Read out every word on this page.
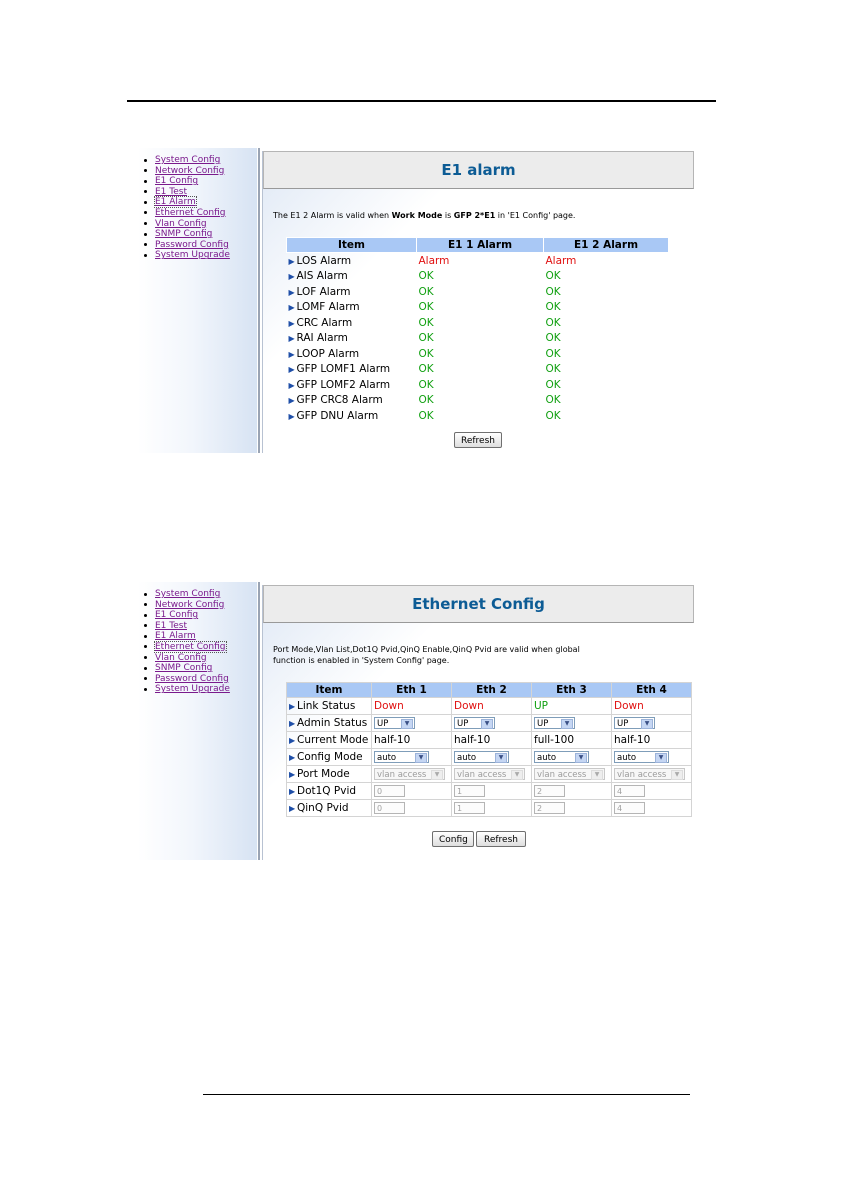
System Config
Network Config
E1 Config
E1 Test
E1 Alarm
Ethernet Config
Vlan Config
SNMP Config
Password Config
System Upgrade
E1 alarm
The E1 2 Alarm is valid when Work Mode is GFP 2*E1 in 'E1 Config' page.
Item	E1 1 Alarm	E1 2 Alarm
▶ LOS Alarm	Alarm	Alarm
▶ AIS Alarm	OK	OK
▶ LOF Alarm	OK	OK
▶ LOMF Alarm	OK	OK
▶ CRC Alarm	OK	OK
▶ RAI Alarm	OK	OK
▶ LOOP Alarm	OK	OK
▶ GFP LOMF1 Alarm	OK	OK
▶ GFP LOMF2 Alarm	OK	OK
▶ GFP CRC8 Alarm	OK	OK
▶ GFP DNU Alarm	OK	OK
Refresh
System Config
Network Config
E1 Config
E1 Test
E1 Alarm
Ethernet Config
Vlan Config
SNMP Config
Password Config
System Upgrade
Ethernet Config
Port Mode,Vlan List,Dot1Q Pvid,QinQ Enable,QinQ Pvid are valid when global
function is enabled in 'System Config' page.
Item	Eth 1	Eth 2	Eth 3	Eth 4
▶ Link Status	Down	Down	UP	Down
▶ Admin Status	UP ▼	UP ▼	UP ▼	UP ▼

▶ Current Mode	half-10	half-10	full-100	half-10
▶ Config Mode	auto ▼	auto ▼	auto ▼	auto ▼

▶ Port Mode	vlan access ▼	vlan access ▼	vlan access ▼	vlan access ▼

▶ Dot1Q Pvid	0	1	2	4
▶ QinQ Pvid	0	1	2	4
Config	Refresh
